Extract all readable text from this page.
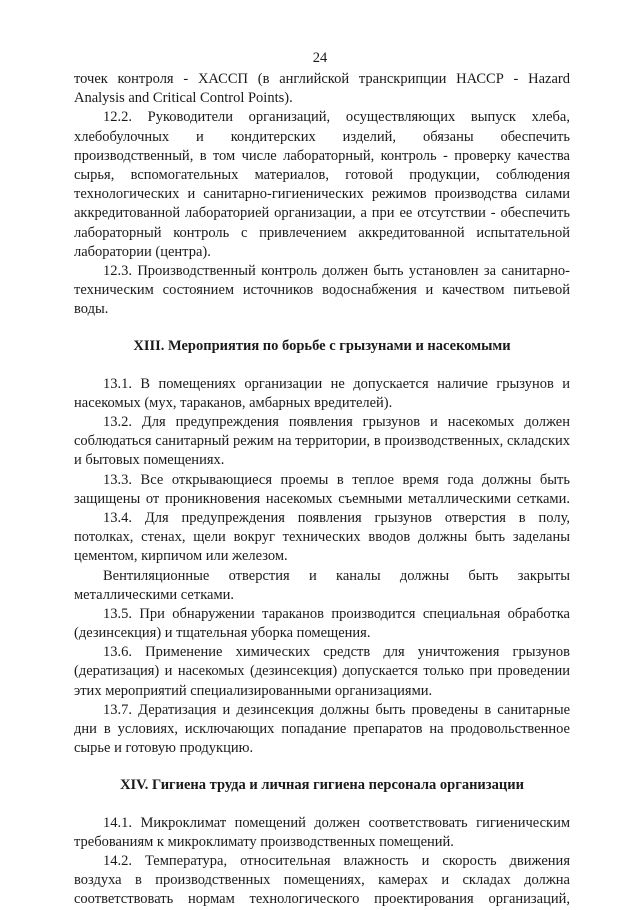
24
точек контроля - ХАССП (в английской транскрипции НАССР - Hazard
Analysis and Critical Control Points).
12.2. Руководители организаций, осуществляющих выпуск хлеба,
хлебобулочных и кондитерских изделий, обязаны обеспечить
производственный, в том числе лабораторный, контроль - проверку качества
сырья, вспомогательных материалов, готовой продукции, соблюдения
технологических и санитарно-гигиенических режимов производства силами
аккредитованной лабораторией организации, а при ее отсутствии - обеспечить
лабораторный контроль с привлечением аккредитованной испытательной
лаборатории (центра).
12.3. Производственный контроль должен быть установлен за санитарно-
техническим состоянием источников водоснабжения и качеством питьевой
воды.
XIII. Мероприятия по борьбе с грызунами и насекомыми
13.1. В помещениях организации не допускается наличие грызунов и
насекомых (мух, тараканов, амбарных вредителей).
13.2. Для предупреждения появления грызунов и насекомых должен
соблюдаться санитарный режим на территории, в производственных, складских
и бытовых помещениях.
13.3. Все открывающиеся проемы в теплое время года должны быть
защищены от проникновения насекомых съемными металлическими сетками.
13.4. Для предупреждения появления грызунов отверстия в полу,
потолках, стенах, щели вокруг технических вводов должны быть заделаны
цементом, кирпичом или железом.
Вентиляционные отверстия и каналы должны быть закрыты
металлическими сетками.
13.5. При обнаружении тараканов производится специальная обработка
(дезинсекция) и тщательная уборка помещения.
13.6. Применение химических средств для уничтожения грызунов
(дератизация) и насекомых (дезинсекция) допускается только при проведении
этих мероприятий специализированными организациями.
13.7. Дератизация и дезинсекция должны быть проведены в санитарные
дни в условиях, исключающих попадание препаратов на продовольственное
сырье и готовую продукцию.
XIV. Гигиена труда и личная гигиена персонала организации
14.1. Микроклимат помещений должен соответствовать гигиеническим
требованиям к микроклимату производственных помещений.
14.2. Температура, относительная влажность и скорость движения
воздуха в производственных помещениях, камерах и складах должна
соответствовать нормам технологического проектирования организаций,
